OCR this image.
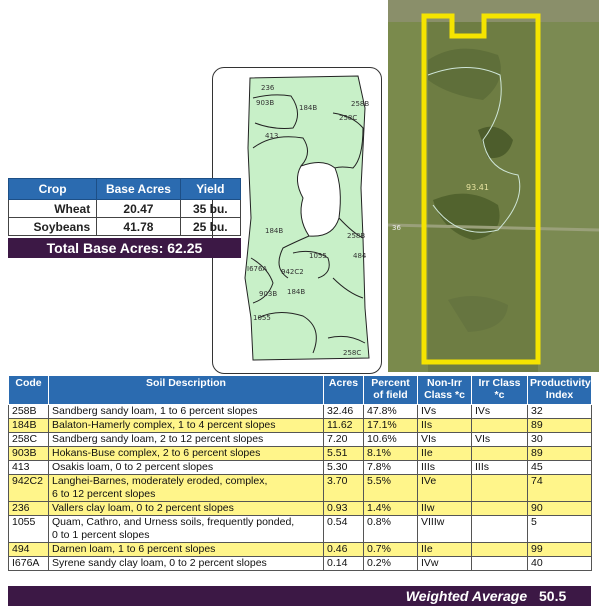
236
903B
184B	258B
258C
413
184B
258B
1055	484
942C2
I676A
903B 184B
1055
258C
36
93.41
Crop	Base Acres	Yield
Wheat	20.47	35 bu.
Soybeans	41.78	25 bu.
Total Base Acres: 62.25
Code	Soil Description	Acres	Percent of field	Non-Irr Class *c	Irr Class *c	Productivity Index
258B	Sandberg sandy loam, 1 to 6 percent slopes	32.46	47.8%	IVs	IVs	32
184B	Balaton-Hamerly complex, 1 to 4 percent slopes	11.62	17.1%	IIs		89
258C	Sandberg sandy loam, 2 to 12 percent slopes	7.20	10.6%	VIs	VIs	30
903B	Hokans-Buse complex, 2 to 6 percent slopes	5.51	8.1%	IIe		89
413	Osakis loam, 0 to 2 percent slopes	5.30	7.8%	IIIs	IIIs	45
942C2	Langhei-Barnes, moderately eroded, complex,
6 to 12 percent slopes	3.70	5.5%	IVe		74
236	Vallers clay loam, 0 to 2 percent slopes	0.93	1.4%	IIw		90
1055	Quam, Cathro, and Urness soils, frequently ponded,
0 to 1 percent slopes	0.54	0.8%	VIIIw		5
494	Darnen loam, 1 to 6 percent slopes	0.46	0.7%	IIe		99
I676A	Syrene sandy clay loam, 0 to 2 percent slopes	0.14	0.2%	IVw		40
Weighted Average 50.5
